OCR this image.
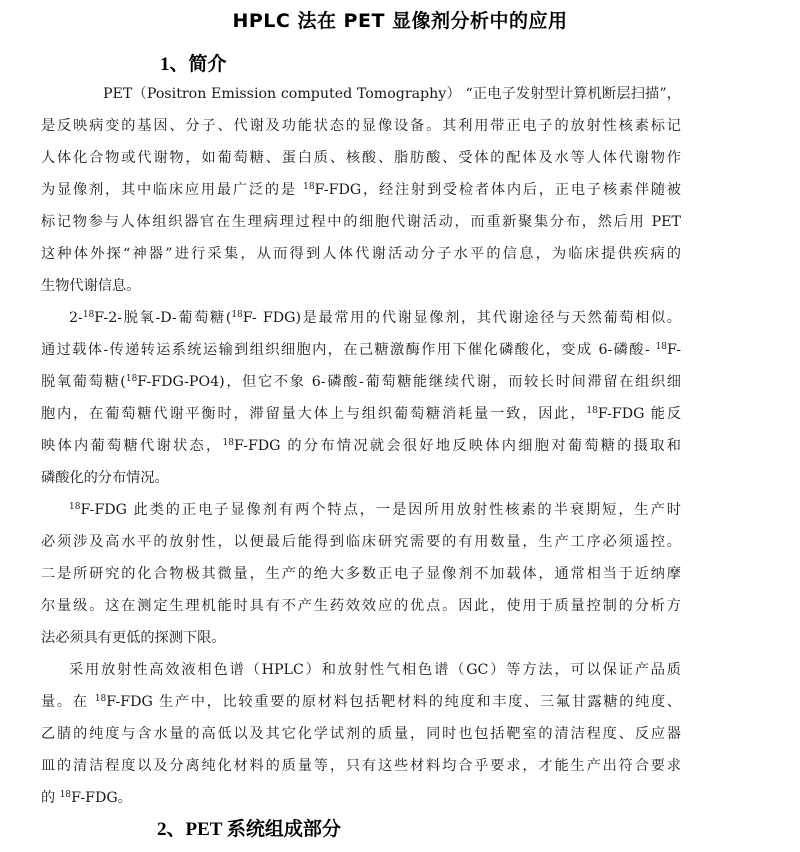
HPLC 法在 PET 显像剂分析中的应用
1、简介
PET（Positron Emission computed Tomography） “正电子发射型计算机断层扫描”，
是反映病变的基因、分子、代谢及功能状态的显像设备。其利用带正电子的放射性核素标记
人体化合物或代谢物，如葡萄糖、蛋白质、核酸、脂肪酸、受体的配体及水等人体代谢物作
为显像剂，其中临床应用最广泛的是 $^{18}$F-FDG，经注射到受检者体内后，正电子核素伴随被
标记物参与人体组织器官在生理病理过程中的细胞代谢活动，而重新聚集分布，然后用 PET
这种体外探“神器”进行采集，从而得到人体代谢活动分子水平的信息，为临床提供疾病的
生物代谢信息。
2-$^{18}$F-2-脱氧-D-葡萄糖($^{18}$F- FDG)是最常用的代谢显像剂，其代谢途径与天然葡萄相似。
通过载体-传递转运系统运输到组织细胞内，在己糖激酶作用下催化磷酸化，变成 6-磷酸- $^{18}$F-
脱氧葡萄糖($^{18}$F-FDG-PO4)，但它不象 6-磷酸-葡萄糖能继续代谢，而较长时间滞留在组织细
胞内，在葡萄糖代谢平衡时，滞留量大体上与组织葡萄糖消耗量一致，因此，$^{18}$F-FDG 能反
映体内葡萄糖代谢状态，$^{18}$F-FDG 的分布情况就会很好地反映体内细胞对葡萄糖的摄取和
磷酸化的分布情况。
$^{18}$F-FDG 此类的正电子显像剂有两个特点，一是因所用放射性核素的半衰期短，生产时
必须涉及高水平的放射性，以便最后能得到临床研究需要的有用数量，生产工序必须遥控。
二是所研究的化合物极其微量，生产的绝大多数正电子显像剂不加载体，通常相当于近纳摩
尔量级。这在测定生理机能时具有不产生药效效应的优点。因此，使用于质量控制的分析方
法必须具有更低的探测下限。
采用放射性高效液相色谱（HPLC）和放射性气相色谱（GC）等方法，可以保证产品质
量。在 $^{18}$F-FDG 生产中，比较重要的原材料包括靶材料的纯度和丰度、三氟甘露糖的纯度、
乙腈的纯度与含水量的高低以及其它化学试剂的质量，同时也包括靶室的清洁程度、反应器
皿的清洁程度以及分离纯化材料的质量等，只有这些材料均合乎要求，才能生产出符合要求
的 $^{18}$F-FDG。
2、PET 系统组成部分
